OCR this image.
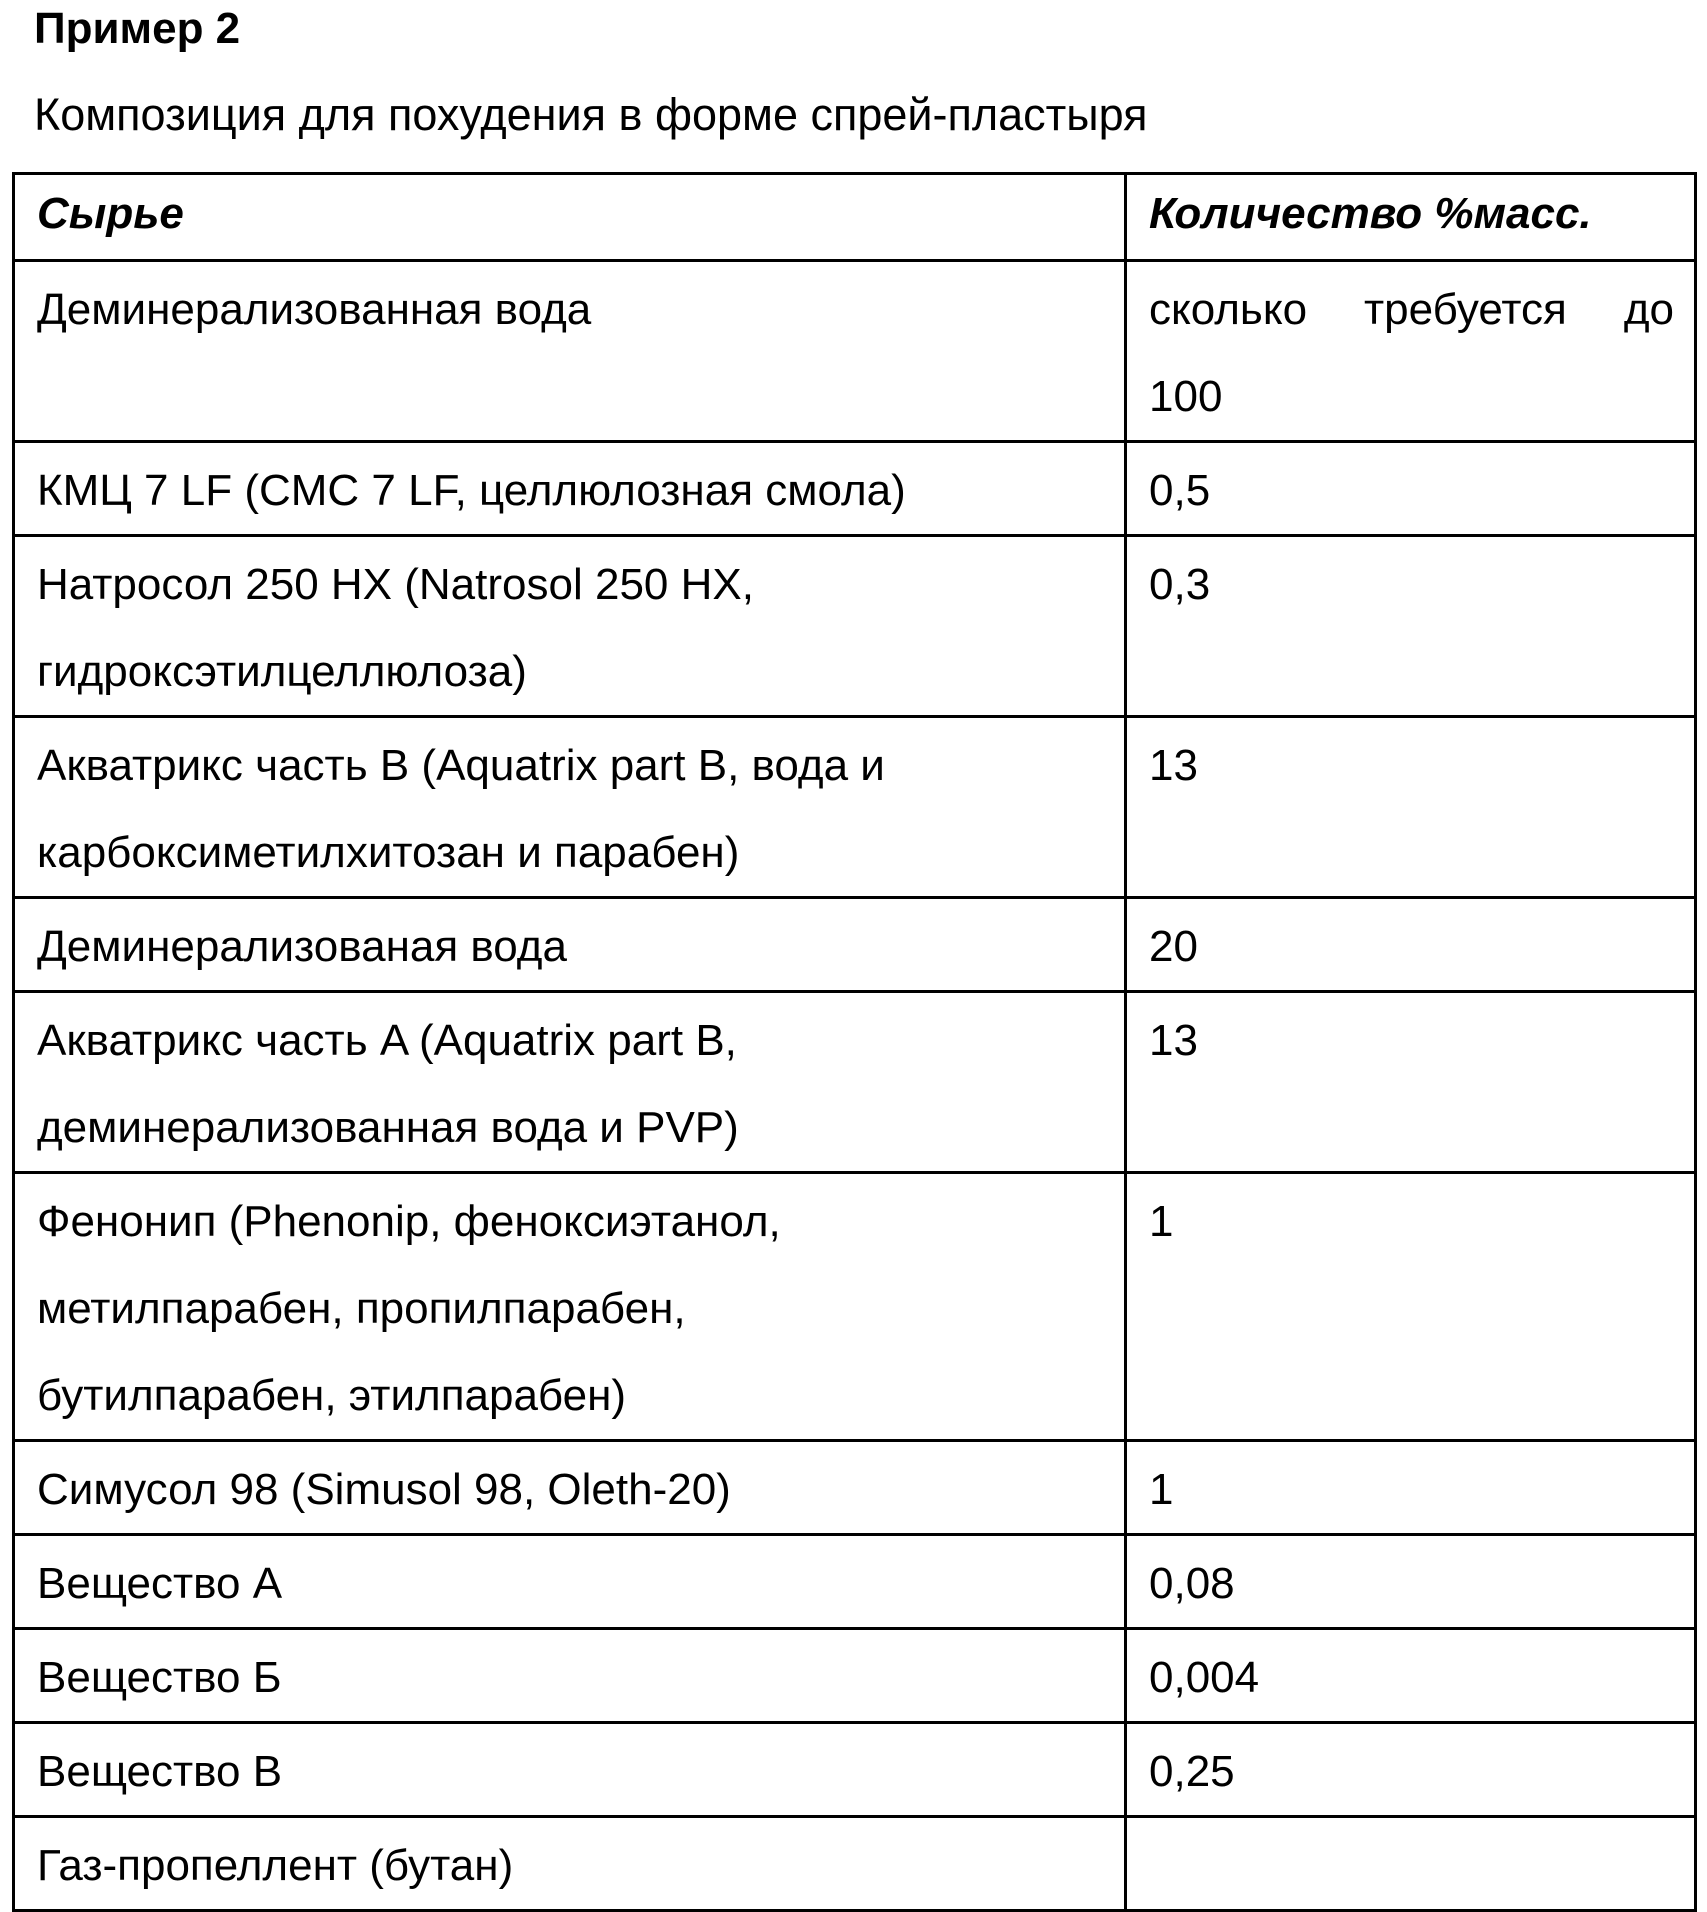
Пример 2

Композиция для похудения в форме спрей-пластыря

Сырье	Количество %масс.
Деминерализованная вода	сколько требуется до
100

КМЦ 7 LF (CMC 7 LF, целлюлозная смола)	0,5

Натросол 250 HX (Natrosol 250 HX,
гидроксэтилцеллюлоза)
	0,3

Акватрикс часть B (Aquatrix part B, вода и
карбоксиметилхитозан и парабен)
	13
Деминерализованая вода	20

Акватрикс часть A (Aquatrix part B,
деминерализованная вода и PVP)
	13

Фенонип (Phenonip, феноксиэтанол,
метилпарабен, пропилпарабен,
бутилпарабен, этилпарабен)
	1
Симусол 98 (Simusol 98, Oleth-20)	1
Вещество А	0,08
Вещество Б	0,004
Вещество В	0,25
Газ-пропеллент (бутан)	
